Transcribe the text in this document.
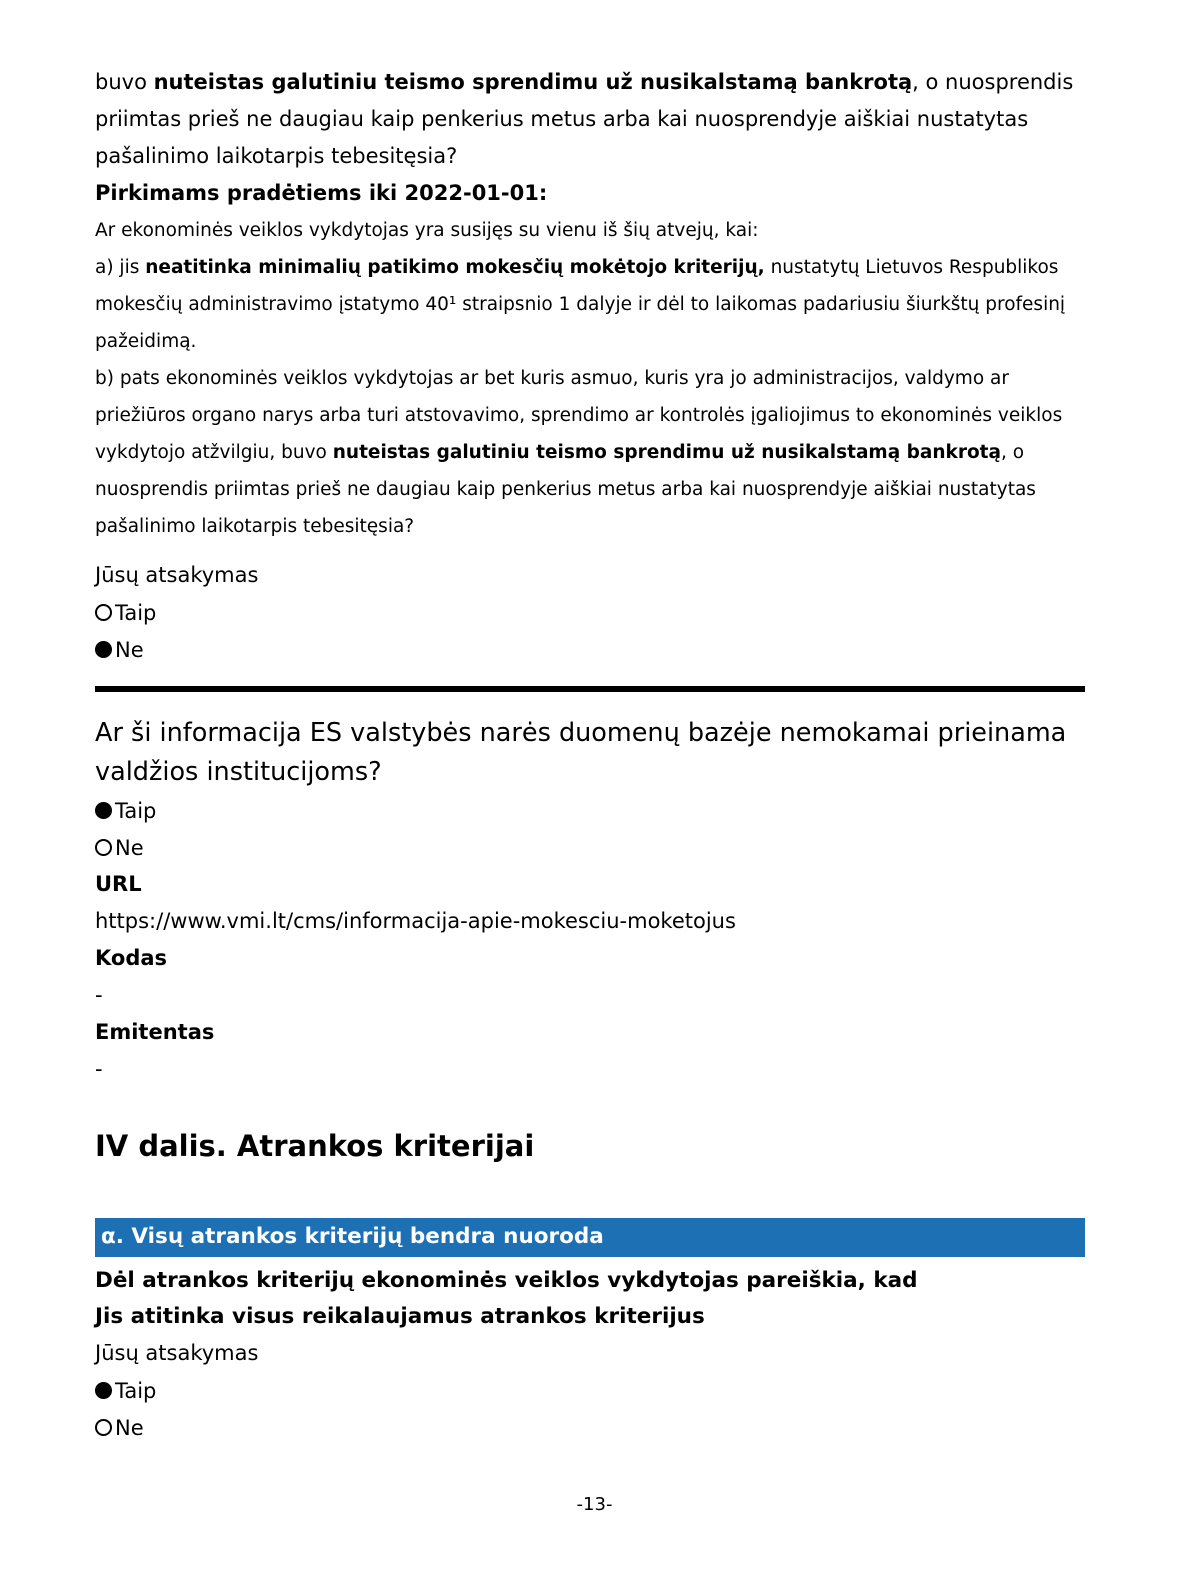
buvo nuteistas galutiniu teismo sprendimu už nusikalstamą bankrotą, o nuosprendis priimtas prieš ne daugiau kaip penkerius metus arba kai nuosprendyje aiškiai nustatytas pašalinimo laikotarpis tebesitęsia?

Pirkimams pradėtiems iki 2022-01-01:

Ar ekonominės veiklos vykdytojas yra susijęs su vienu iš šių atvejų, kai:

a) jis neatitinka minimalių patikimo mokesčių mokėtojo kriterijų, nustatytų Lietuvos Respublikos mokesčių administravimo įstatymo 40¹ straipsnio 1 dalyje ir dėl to laikomas padariusiu šiurkštų profesinį pažeidimą.

b) pats ekonominės veiklos vykdytojas ar bet kuris asmuo, kuris yra jo administracijos, valdymo ar priežiūros organo narys arba turi atstovavimo, sprendimo ar kontrolės įgaliojimus to ekonominės veiklos vykdytojo atžvilgiu, buvo nuteistas galutiniu teismo sprendimu už nusikalstamą bankrotą, o nuosprendis priimtas prieš ne daugiau kaip penkerius metus arba kai nuosprendyje aiškiai nustatytas pašalinimo laikotarpis tebesitęsia?

Jūsų atsakymas

Taip
Ne

Ar ši informacija ES valstybės narės duomenų bazėje nemokamai prieinama valdžios institucijoms?

Taip
Ne

URL

https://www.vmi.lt/cms/informacija-apie-mokesciu-moketojus

Kodas

-

Emitentas

-

IV dalis. Atrankos kriterijai
α. Visų atrankos kriterijų bendra nuoroda

Dėl atrankos kriterijų ekonominės veiklos vykdytojas pareiškia, kad

Jis atitinka visus reikalaujamus atrankos kriterijus

Jūsų atsakymas

Taip
Ne
-13-
